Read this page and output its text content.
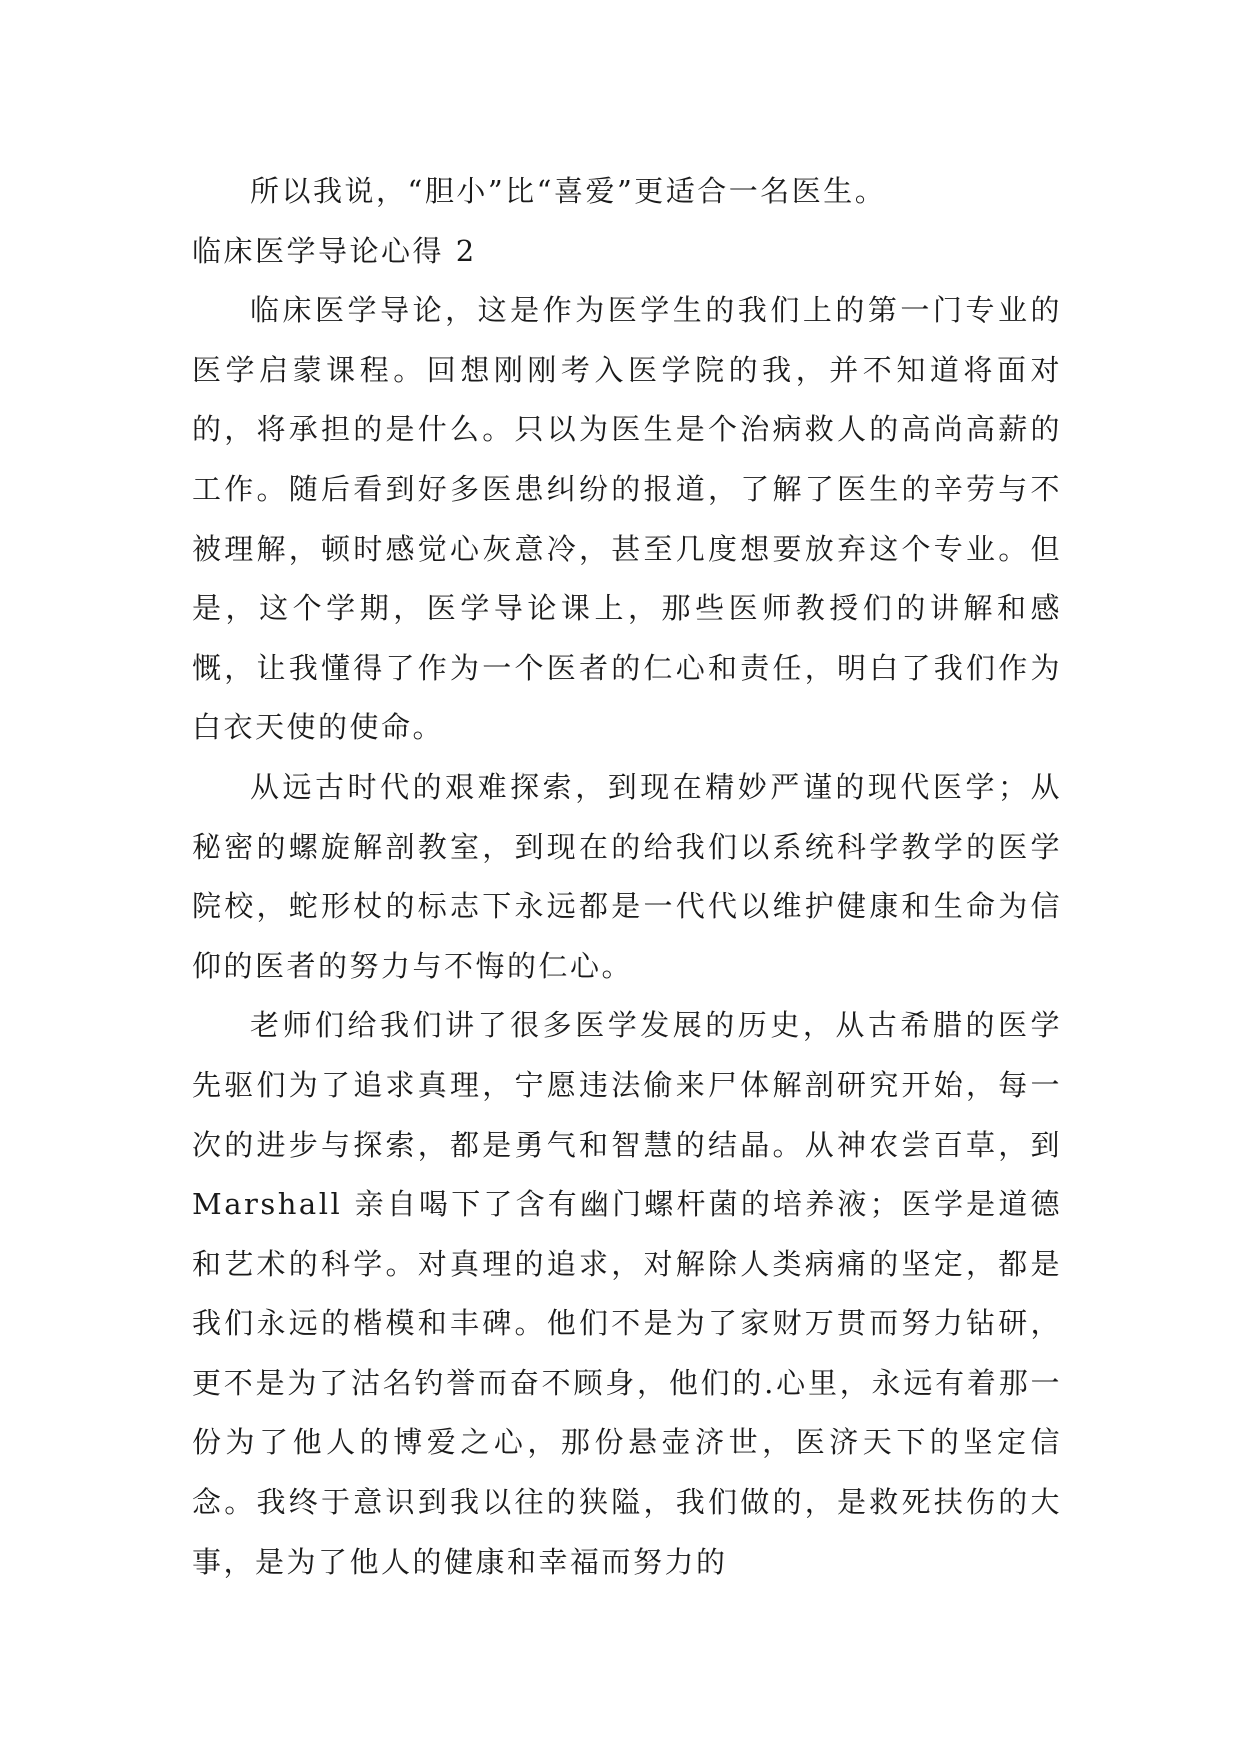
所以我说，“胆小”比“喜爱”更适合一名医生。

临床医学导论心得 2

临床医学导论，这是作为医学生的我们上的第一门专业的医学启蒙课程。回想刚刚考入医学院的我，并不知道将面对的，将承担的是什么。只以为医生是个治病救人的高尚高薪的工作。随后看到好多医患纠纷的报道，了解了医生的辛劳与不被理解，顿时感觉心灰意冷，甚至几度想要放弃这个专业。但是，这个学期，医学导论课上，那些医师教授们的讲解和感慨，让我懂得了作为一个医者的仁心和责任，明白了我们作为白衣天使的使命。

从远古时代的艰难探索，到现在精妙严谨的现代医学；从秘密的螺旋解剖教室，到现在的给我们以系统科学教学的医学院校，蛇形杖的标志下永远都是一代代以维护健康和生命为信仰的医者的努力与不悔的仁心。

老师们给我们讲了很多医学发展的历史，从古希腊的医学先驱们为了追求真理，宁愿违法偷来尸体解剖研究开始，每一次的进步与探索，都是勇气和智慧的结晶。从神农尝百草，到 Marshall 亲自喝下了含有幽门螺杆菌的培养液；医学是道德和艺术的科学。对真理的追求，对解除人类病痛的坚定，都是我们永远的楷模和丰碑。他们不是为了家财万贯而努力钻研，更不是为了沽名钓誉而奋不顾身，他们的.心里，永远有着那一份为了他人的博爱之心，那份悬壶济世，医济天下的坚定信念。我终于意识到我以往的狭隘，我们做的，是救死扶伤的大事，是为了他人的健康和幸福而努力的
